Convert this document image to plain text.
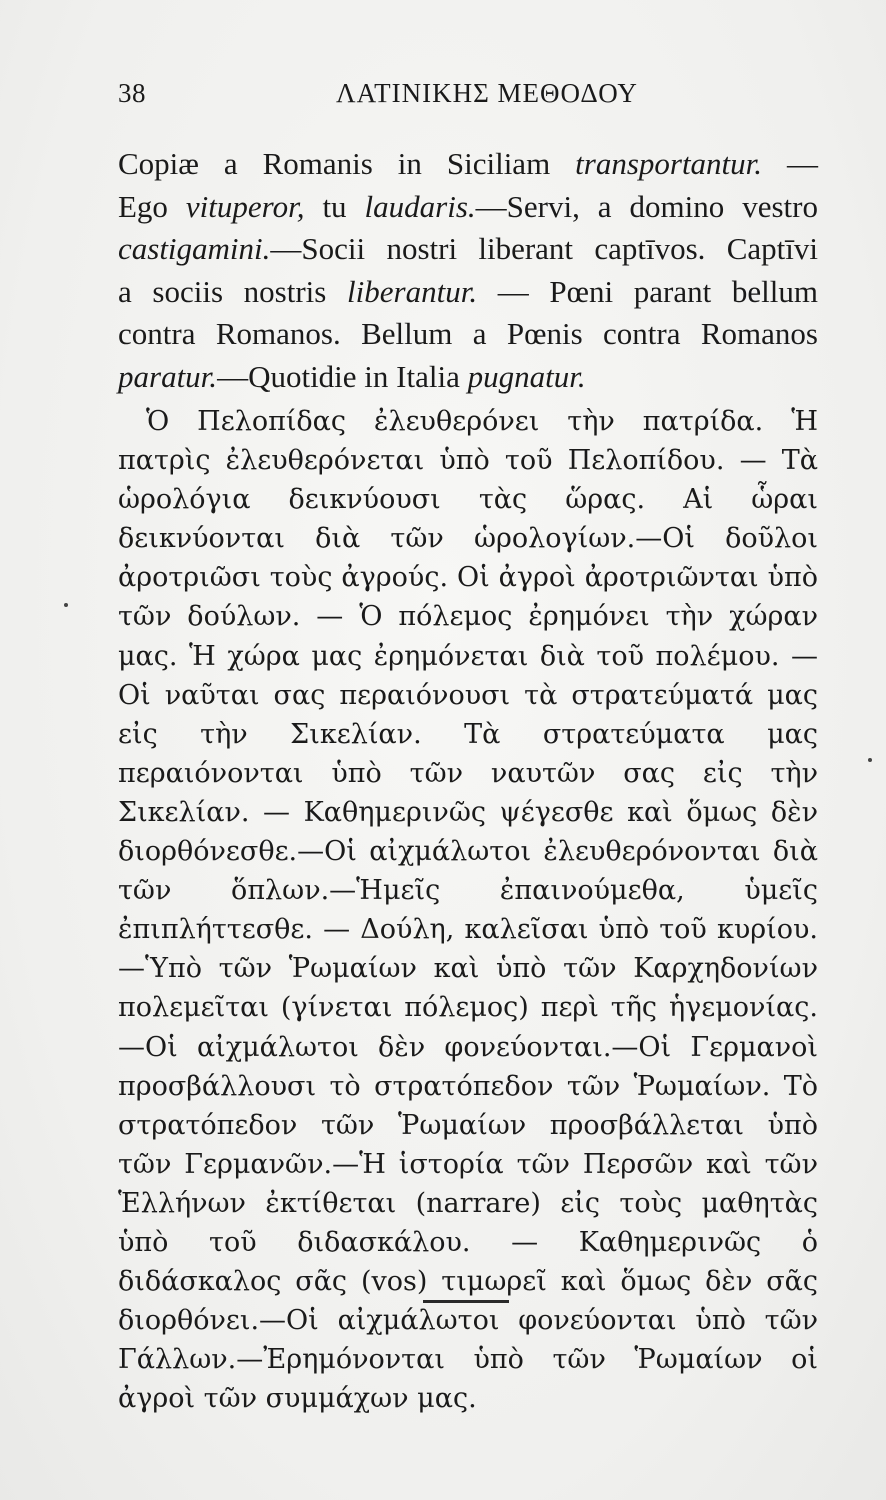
38	ΛΑΤΙΝΙΚΗΣ ΜΕΘΟΔΟΥ
Copiæ a Romanis in Siciliam transportantur. —
Ego vituperor, tu laudaris.—Servi, a domino vestro
castigamini.—Socii nostri liberant captīvos. Captīvi
a sociis nostris liberantur. — Pœni parant bellum
contra Romanos. Bellum a Pœnis contra Romanos
paratur.—Quotidie in Italia pugnatur.
Ὁ Πελοπίδας ἐλευθερόνει τὴν πατρίδα. Ἡ πατρὶς ἐλευθερόνεται ὑπὸ τοῦ Πελοπίδου. — Τὰ ὡρολόγια δεικνύουσι τὰς ὥρας. Αἱ ὧραι δεικνύονται διὰ τῶν ὡρολογίων.—Οἱ δοῦλοι ἀροτριῶσι τοὺς ἀγρούς. Οἱ ἀγροὶ ἀροτριῶνται ὑπὸ τῶν δούλων. — Ὁ πόλεμος ἐρημόνει τὴν χώραν μας. Ἡ χώρα μας ἐρημόνεται διὰ τοῦ πολέμου. —Οἱ ναῦται σας περαιόνουσι τὰ στρατεύματά μας εἰς τὴν Σικελίαν. Τὰ στρατεύματα μας περαιόνονται ὑπὸ τῶν ναυτῶν σας εἰς τὴν Σικελίαν. — Καθημερινῶς ψέγεσθε καὶ ὅμως δὲν διορθόνεσθε.—Οἱ αἰχμάλωτοι ἐλευθερόνονται διὰ τῶν ὅπλων.—Ἡμεῖς ἐπαινούμεθα, ὑμεῖς ἐπιπλήττεσθε. — Δούλη, καλεῖσαι ὑπὸ τοῦ κυρίου.—Ὑπὸ τῶν Ῥωμαίων καὶ ὑπὸ τῶν Καρχηδονίων πολεμεῖται (γίνεται πόλεμος) περὶ τῆς ἡγεμονίας.—Οἱ αἰχμάλωτοι δὲν φονεύονται.—Οἱ Γερμανοὶ προσβάλλουσι τὸ στρατόπεδον τῶν Ῥωμαίων. Τὸ στρατόπεδον τῶν Ῥωμαίων προσβάλλεται ὑπὸ τῶν Γερμανῶν.—Ἡ ἱστορία τῶν Περσῶν καὶ τῶν Ἑλλήνων ἐκτίθεται (narrare) εἰς τοὺς μαθητὰς ὑπὸ τοῦ διδασκάλου. — Καθημερινῶς ὁ διδάσκαλος σᾶς (vos) τιμωρεῖ καὶ ὅμως δὲν σᾶς διορθόνει.—Οἱ αἰχμάλωτοι φονεύονται ὑπὸ τῶν Γάλλων.—Ἐρημόνονται ὑπὸ τῶν Ῥωμαίων οἱ ἀγροὶ τῶν συμμάχων μας.
